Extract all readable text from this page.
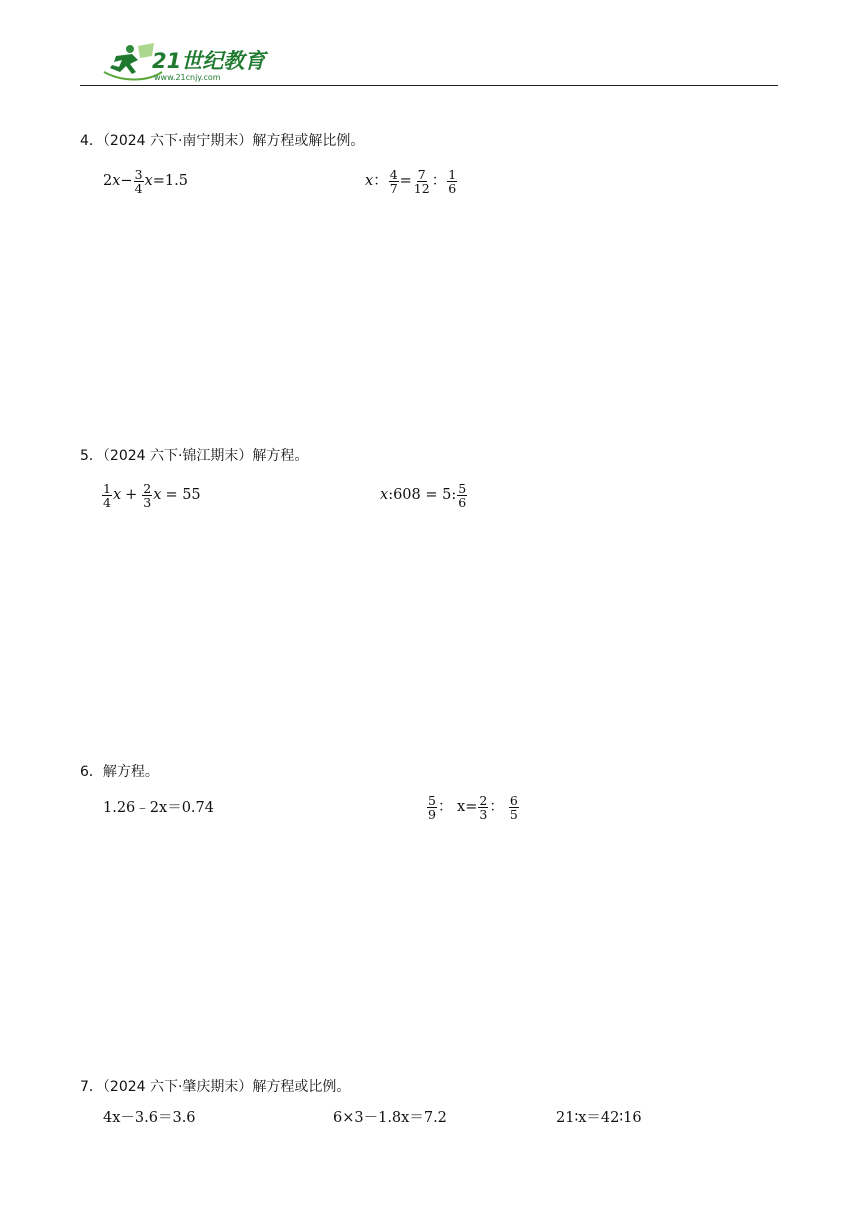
21世纪教育
www.21cnjy.com
4．（2024 六下·南宁期末）解方程或解比例。
2 $x - \frac{3}{4}$ x =1.5	x ： $\frac{4}{7} = \frac{7}{12}$ ： $\frac{1}{6}$
5．（2024 六下·锦江期末）解方程。
$\frac{1}{4}$ $x + \frac{2}{3}$ x = 55	x :608 = 5: $\frac{5}{6}$
6．解方程。
1.26﹣2x＝0.74	$\frac{5}{9}$ ： $x= \frac{2}{3}$ ： $\frac{6}{5}$
7．（2024 六下·肇庆期末）解方程或比例。
4x－3.6＝3.6	6×3－1.8x＝7.2	21∶x＝42∶16
